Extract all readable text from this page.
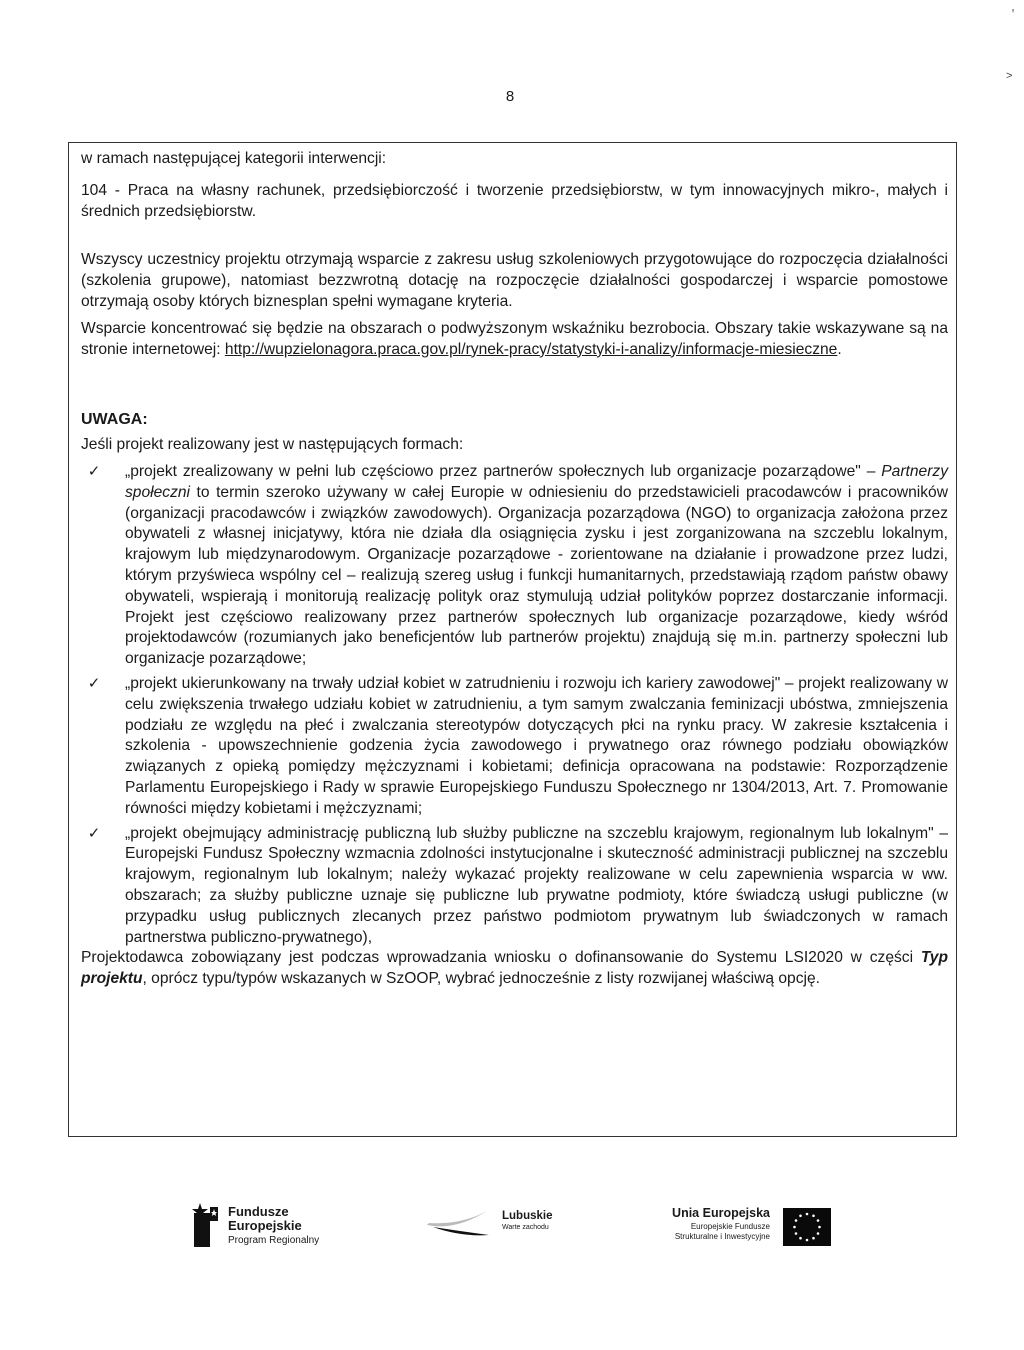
ꞌ
˃
8

w ramach następującej kategorii interwencji:

104 - Praca na własny rachunek, przedsiębiorczość i tworzenie przedsiębiorstw, w tym innowacyjnych mikro-, małych i średnich przedsiębiorstw.

Wszyscy uczestnicy projektu otrzymają wsparcie z zakresu usług szkoleniowych przygotowujące do rozpoczęcia działalności (szkolenia grupowe), natomiast bezzwrotną dotację na rozpoczęcie działalności gospodarczej i wsparcie pomostowe otrzymają osoby których biznesplan spełni wymagane kryteria.

Wsparcie koncentrować się będzie na obszarach o podwyższonym wskaźniku bezrobocia. Obszary takie wskazywane są na stronie internetowej: http://wupzielonagora.praca.gov.pl/rynek-pracy/statystyki-i-analizy/informacje-miesieczne.

UWAGA:

Jeśli projekt realizowany jest w następujących formach:

✓ „projekt zrealizowany w pełni lub częściowo przez partnerów społecznych lub organizacje pozarządowe" – Partnerzy społeczni to termin szeroko używany w całej Europie w odniesieniu do przedstawicieli pracodawców i pracowników (organizacji pracodawców i związków zawodowych). Organizacja pozarządowa (NGO) to organizacja założona przez obywateli z własnej inicjatywy, która nie działa dla osiągnięcia zysku i jest zorganizowana na szczeblu lokalnym, krajowym lub międzynarodowym. Organizacje pozarządowe - zorientowane na działanie i prowadzone przez ludzi, którym przyświeca wspólny cel – realizują szereg usług i funkcji humanitarnych, przedstawiają rządom państw obawy obywateli, wspierają i monitorują realizację polityk oraz stymulują udział polityków poprzez dostarczanie informacji. Projekt jest częściowo realizowany przez partnerów społecznych lub organizacje pozarządowe, kiedy wśród projektodawców (rozumianych jako beneficjentów lub partnerów projektu) znajdują się m.in. partnerzy społeczni lub organizacje pozarządowe;
✓ „projekt ukierunkowany na trwały udział kobiet w zatrudnieniu i rozwoju ich kariery zawodowej" – projekt realizowany w celu zwiększenia trwałego udziału kobiet w zatrudnieniu, a tym samym zwalczania feminizacji ubóstwa, zmniejszenia podziału ze względu na płeć i zwalczania stereotypów dotyczących płci na rynku pracy. W zakresie kształcenia i szkolenia - upowszechnienie godzenia życia zawodowego i prywatnego oraz równego podziału obowiązków związanych z opieką pomiędzy mężczyznami i kobietami; definicja opracowana na podstawie: Rozporządzenie Parlamentu Europejskiego i Rady w sprawie Europejskiego Funduszu Społecznego nr 1304/2013, Art. 7. Promowanie równości między kobietami i mężczyznami;
✓ „projekt obejmujący administrację publiczną lub służby publiczne na szczeblu krajowym, regionalnym lub lokalnym" – Europejski Fundusz Społeczny wzmacnia zdolności instytucjonalne i skuteczność administracji publicznej na szczeblu krajowym, regionalnym lub lokalnym; należy wykazać projekty realizowane w celu zapewnienia wsparcia w ww. obszarach; za służby publiczne uznaje się publiczne lub prywatne podmioty, które świadczą usługi publiczne (w przypadku usług publicznych zlecanych przez państwo podmiotom prywatnym lub świadczonych w ramach partnerstwa publiczno-prywatnego),

Projektodawca zobowiązany jest podczas wprowadzania wniosku o dofinansowanie do Systemu LSI2020 w części Typ projektu, oprócz typu/typów wskazanych w SzOOP, wybrać jednocześnie z listy rozwijanej właściwą opcję.

Fundusze
Europejskie
Program Regionalny
Lubuskie
Warte zachodu
Unia Europejska
Europejskie Fundusze
Strukturalne i Inwestycyjne
